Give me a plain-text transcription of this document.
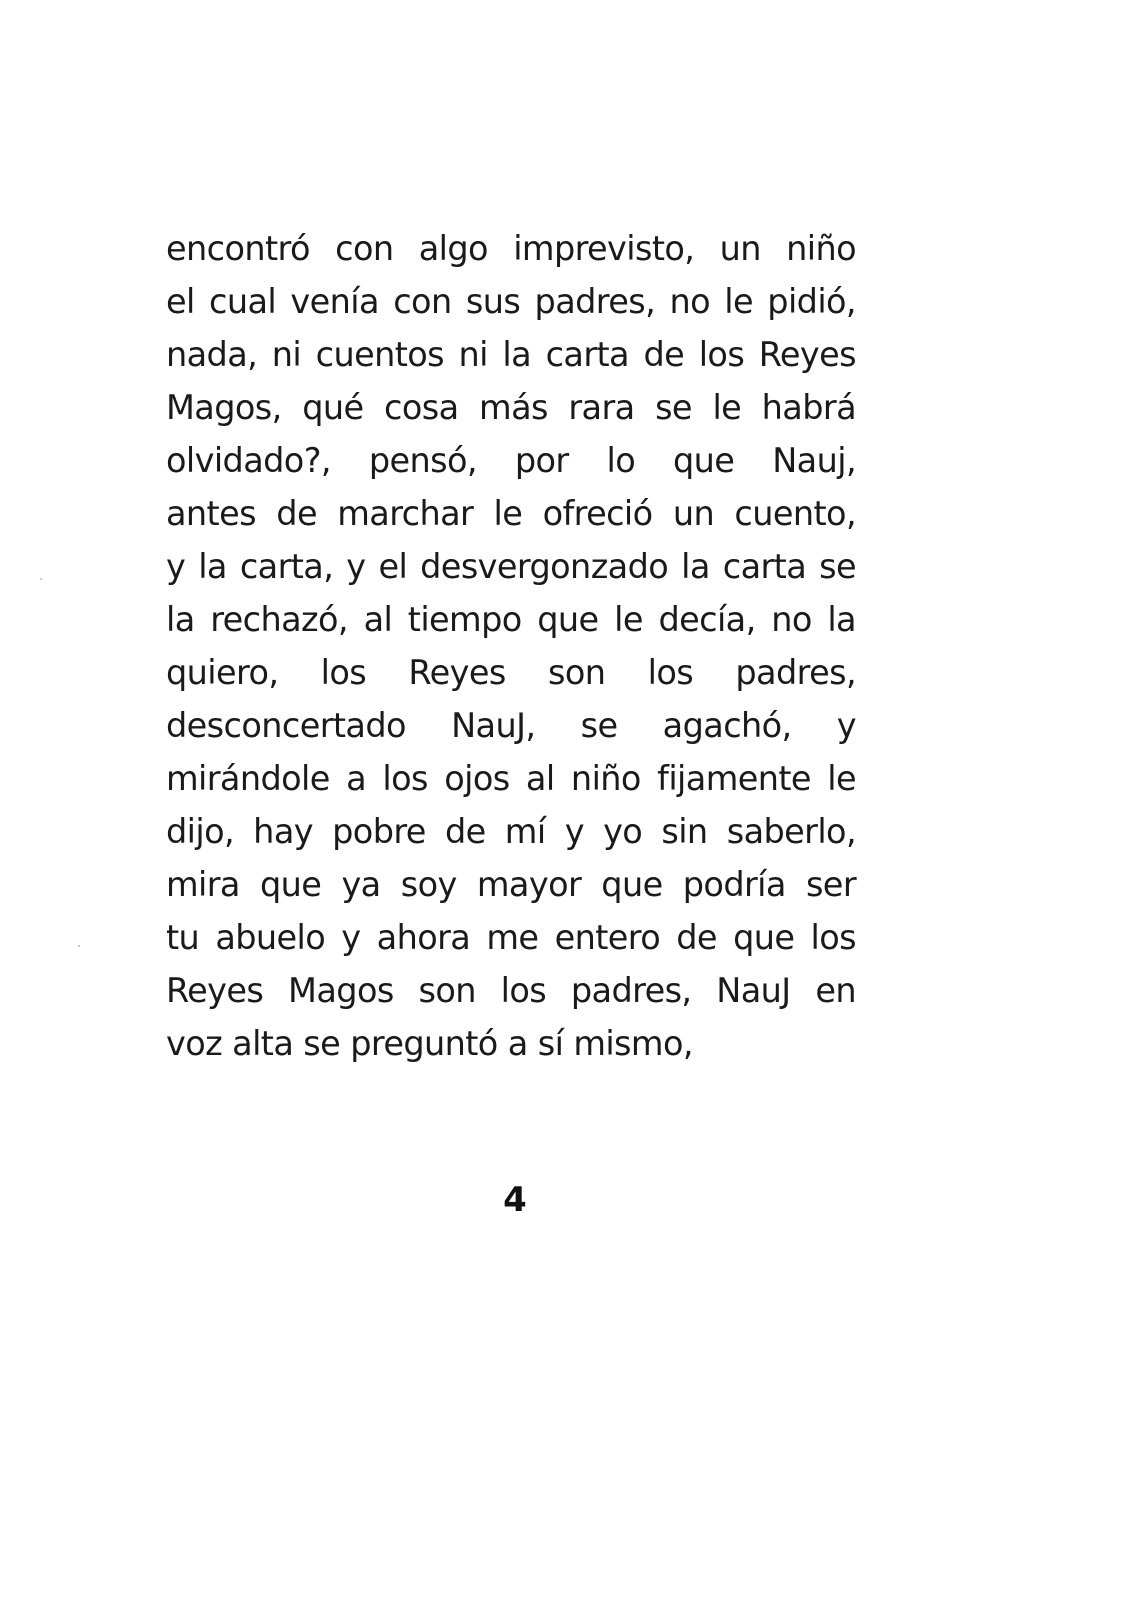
encontró con algo imprevisto, un niño
el cual venía con sus padres, no le pidió,
nada, ni cuentos ni la carta de los Reyes
Magos, qué cosa más rara se le habrá
olvidado?, pensó, por lo que Nauj,
antes de marchar le ofreció un cuento,
y la carta, y el desvergonzado la carta se
la rechazó, al tiempo que le decía, no la
quiero, los Reyes son los padres,
desconcertado NauJ, se agachó, y
mirándole a los ojos al niño fijamente le
dijo, hay pobre de mí y yo sin saberlo,
mira que ya soy mayor que podría ser
tu abuelo y ahora me entero de que los
Reyes Magos son los padres, NauJ en
voz alta se preguntó a sí mismo,
4
